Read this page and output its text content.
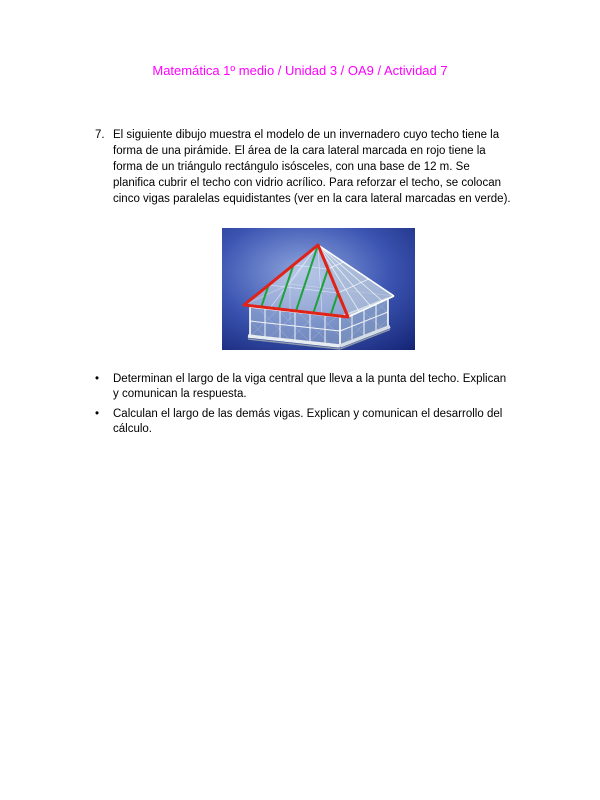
Matemática 1º medio / Unidad 3 / OA9 / Actividad 7
7. El siguiente dibujo muestra el modelo de un invernadero cuyo techo tiene la forma de una pirámide. El área de la cara lateral marcada en rojo tiene la forma de un triángulo rectángulo isósceles, con una base de 12 m. Se planifica cubrir el techo con vidrio acrílico. Para reforzar el techo, se colocan cinco vigas paralelas equidistantes (ver en la cara lateral marcadas en verde).
•	Determinan el largo de la viga central que lleva a la punta del techo. Explican y comunican la respuesta.
•	Calculan el largo de las demás vigas. Explican y comunican el desarrollo del cálculo.
